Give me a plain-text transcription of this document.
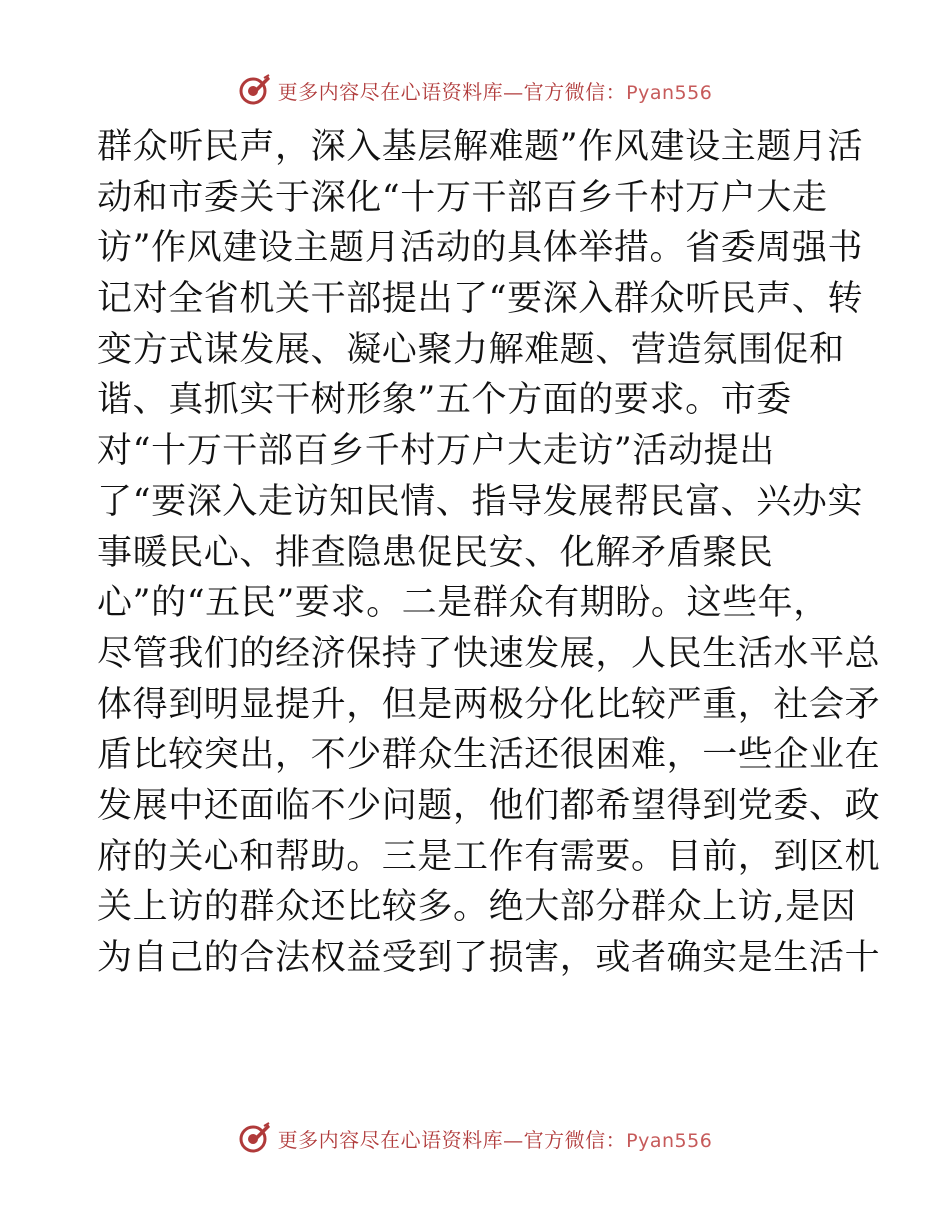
更多内容尽在心语资料库—官方微信：Pyan556
群众听民声，深入基层解难题”作风建设主题月活
动和市委关于深化“十万干部百乡千村万户大走
访”作风建设主题月活动的具体举措。省委周强书
记对全省机关干部提出了“要深入群众听民声、转
变方式谋发展、凝心聚力解难题、营造氛围促和
谐、真抓实干树形象”五个方面的要求。市委
对“十万干部百乡千村万户大走访”活动提出
了“要深入走访知民情、指导发展帮民富、兴办实
事暖民心、排查隐患促民安、化解矛盾聚民
心”的“五民”要求。二是群众有期盼。这些年，
尽管我们的经济保持了快速发展，人民生活水平总
体得到明显提升，但是两极分化比较严重，社会矛
盾比较突出，不少群众生活还很困难，一些企业在
发展中还面临不少问题，他们都希望得到党委、政
府的关心和帮助。三是工作有需要。目前，到区机
关上访的群众还比较多。绝大部分群众上访,是因
为自己的合法权益受到了损害，或者确实是生活十
更多内容尽在心语资料库—官方微信：Pyan556
